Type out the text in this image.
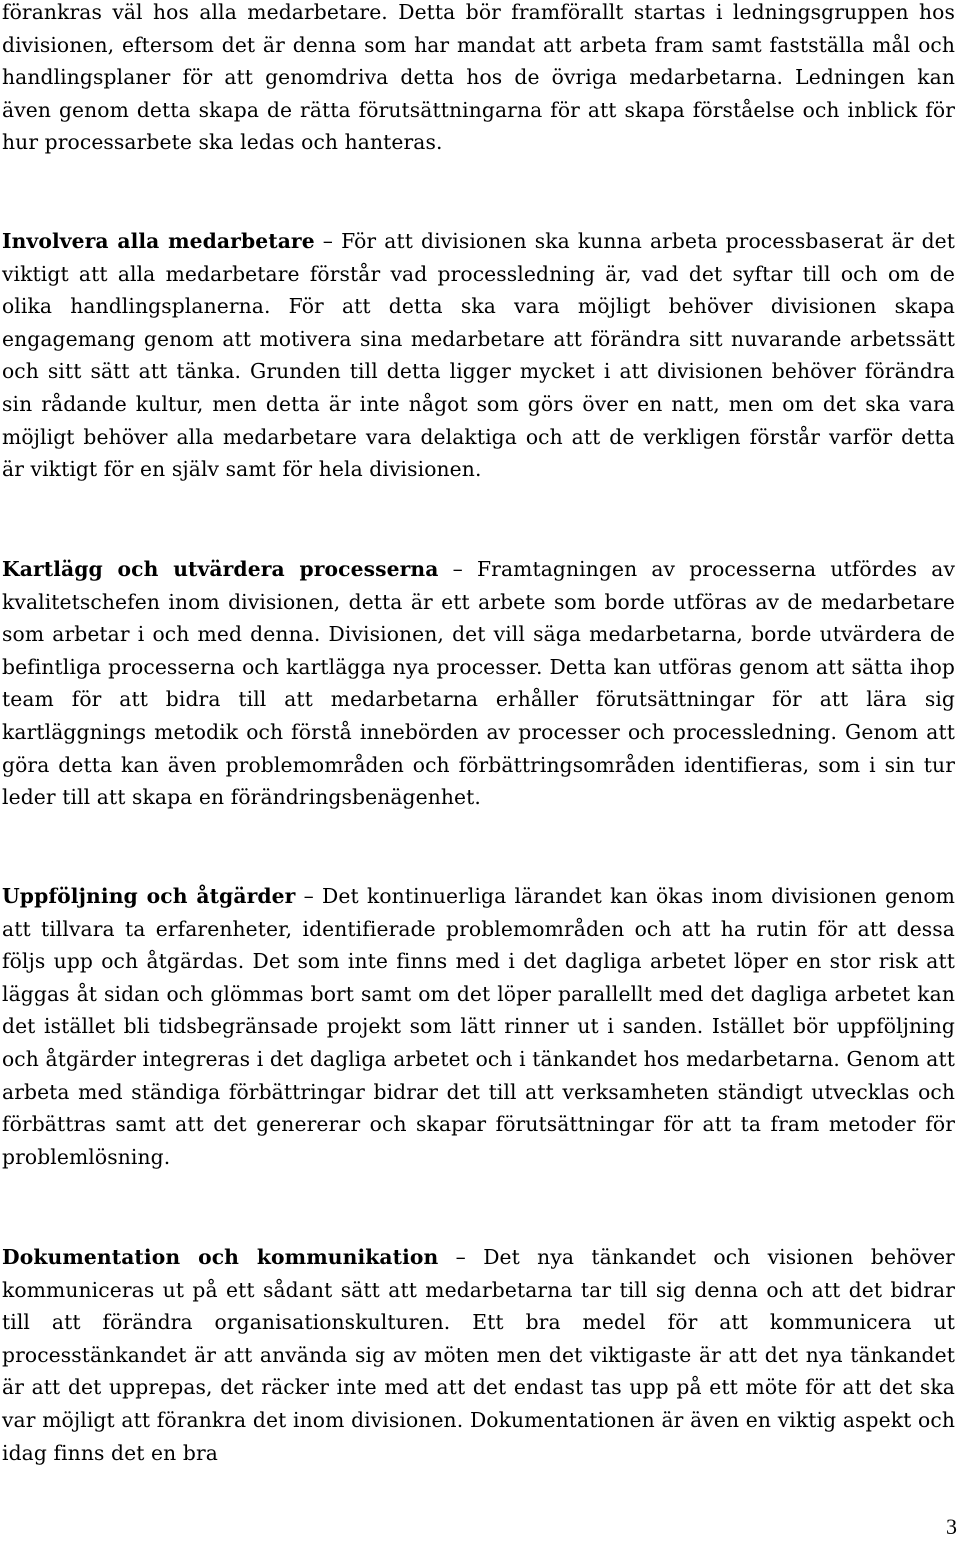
förankras väl hos alla medarbetare. Detta bör framförallt startas i ledningsgruppen hos divisionen, eftersom det är denna som har mandat att arbeta fram samt fastställa mål och handlingsplaner för att genomdriva detta hos de övriga medarbetarna. Ledningen kan även genom detta skapa de rätta förutsättningarna för att skapa förståelse och inblick för hur processarbete ska ledas och hanteras.

Involvera alla medarbetare – För att divisionen ska kunna arbeta processbaserat är det viktigt att alla medarbetare förstår vad processledning är, vad det syftar till och om de olika handlingsplanerna. För att detta ska vara möjligt behöver divisionen skapa engagemang genom att motivera sina medarbetare att förändra sitt nuvarande arbetssätt och sitt sätt att tänka. Grunden till detta ligger mycket i att divisionen behöver förändra sin rådande kultur, men detta är inte något som görs över en natt, men om det ska vara möjligt behöver alla medarbetare vara delaktiga och att de verkligen förstår varför detta är viktigt för en själv samt för hela divisionen.

Kartlägg och utvärdera processerna – Framtagningen av processerna utfördes av kvalitetschefen inom divisionen, detta är ett arbete som borde utföras av de medarbetare som arbetar i och med denna. Divisionen, det vill säga medarbetarna, borde utvärdera de befintliga processerna och kartlägga nya processer. Detta kan utföras genom att sätta ihop team för att bidra till att medarbetarna erhåller förutsättningar för att lära sig kartläggnings metodik och förstå innebörden av processer och processledning. Genom att göra detta kan även problemområden och förbättringsområden identifieras, som i sin tur leder till att skapa en förändringsbenägenhet.

Uppföljning och åtgärder – Det kontinuerliga lärandet kan ökas inom divisionen genom att tillvara ta erfarenheter, identifierade problemområden och att ha rutin för att dessa följs upp och åtgärdas. Det som inte finns med i det dagliga arbetet löper en stor risk att läggas åt sidan och glömmas bort samt om det löper parallellt med det dagliga arbetet kan det istället bli tidsbegränsade projekt som lätt rinner ut i sanden. Istället bör uppföljning och åtgärder integreras i det dagliga arbetet och i tänkandet hos medarbetarna. Genom att arbeta med ständiga förbättringar bidrar det till att verksamheten ständigt utvecklas och förbättras samt att det genererar och skapar förutsättningar för att ta fram metoder för problemlösning.

Dokumentation och kommunikation – Det nya tänkandet och visionen behöver kommuniceras ut på ett sådant sätt att medarbetarna tar till sig denna och att det bidrar till att förändra organisationskulturen. Ett bra medel för att kommunicera ut processtänkandet är att använda sig av möten men det viktigaste är att det nya tänkandet är att det upprepas, det räcker inte med att det endast tas upp på ett möte för att det ska var möjligt att förankra det inom divisionen. Dokumentationen är även en viktig aspekt och idag finns det en bra

3
